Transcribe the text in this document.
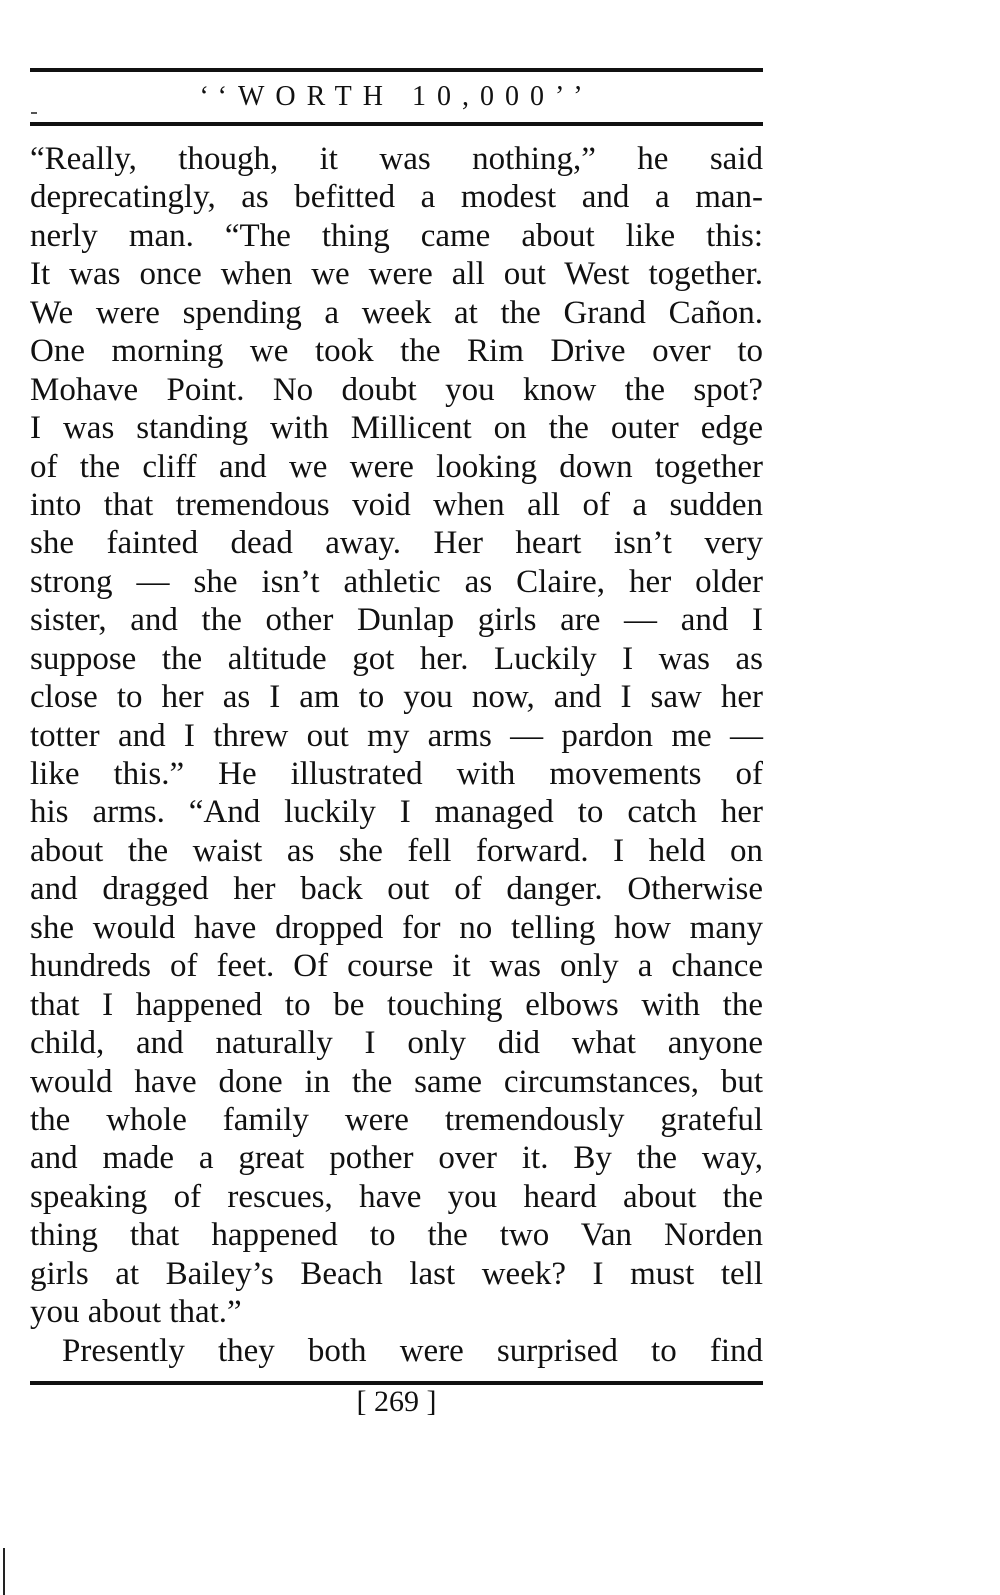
‘‘WORTH 10,000’’
“Really, though, it was nothing,” he said
deprecatingly, as befitted a modest and a man-
nerly man. “The thing came about like this:
It was once when we were all out West together.
We were spending a week at the Grand Cañon.
One morning we took the Rim Drive over to
Mohave Point. No doubt you know the spot?
I was standing with Millicent on the outer edge
of the cliff and we were looking down together
into that tremendous void when all of a sudden
she fainted dead away. Her heart isn’t very
strong — she isn’t athletic as Claire, her older
sister, and the other Dunlap girls are — and I
suppose the altitude got her. Luckily I was as
close to her as I am to you now, and I saw her
totter and I threw out my arms — pardon me —
like this.” He illustrated with movements of
his arms. “And luckily I managed to catch her
about the waist as she fell forward. I held on
and dragged her back out of danger. Otherwise
she would have dropped for no telling how many
hundreds of feet. Of course it was only a chance
that I happened to be touching elbows with the
child, and naturally I only did what anyone
would have done in the same circumstances, but
the whole family were tremendously grateful
and made a great pother over it. By the way,
speaking of rescues, have you heard about the
thing that happened to the two Van Norden
girls at Bailey’s Beach last week? I must tell
you about that.”
Presently they both were surprised to find
[ 269 ]
